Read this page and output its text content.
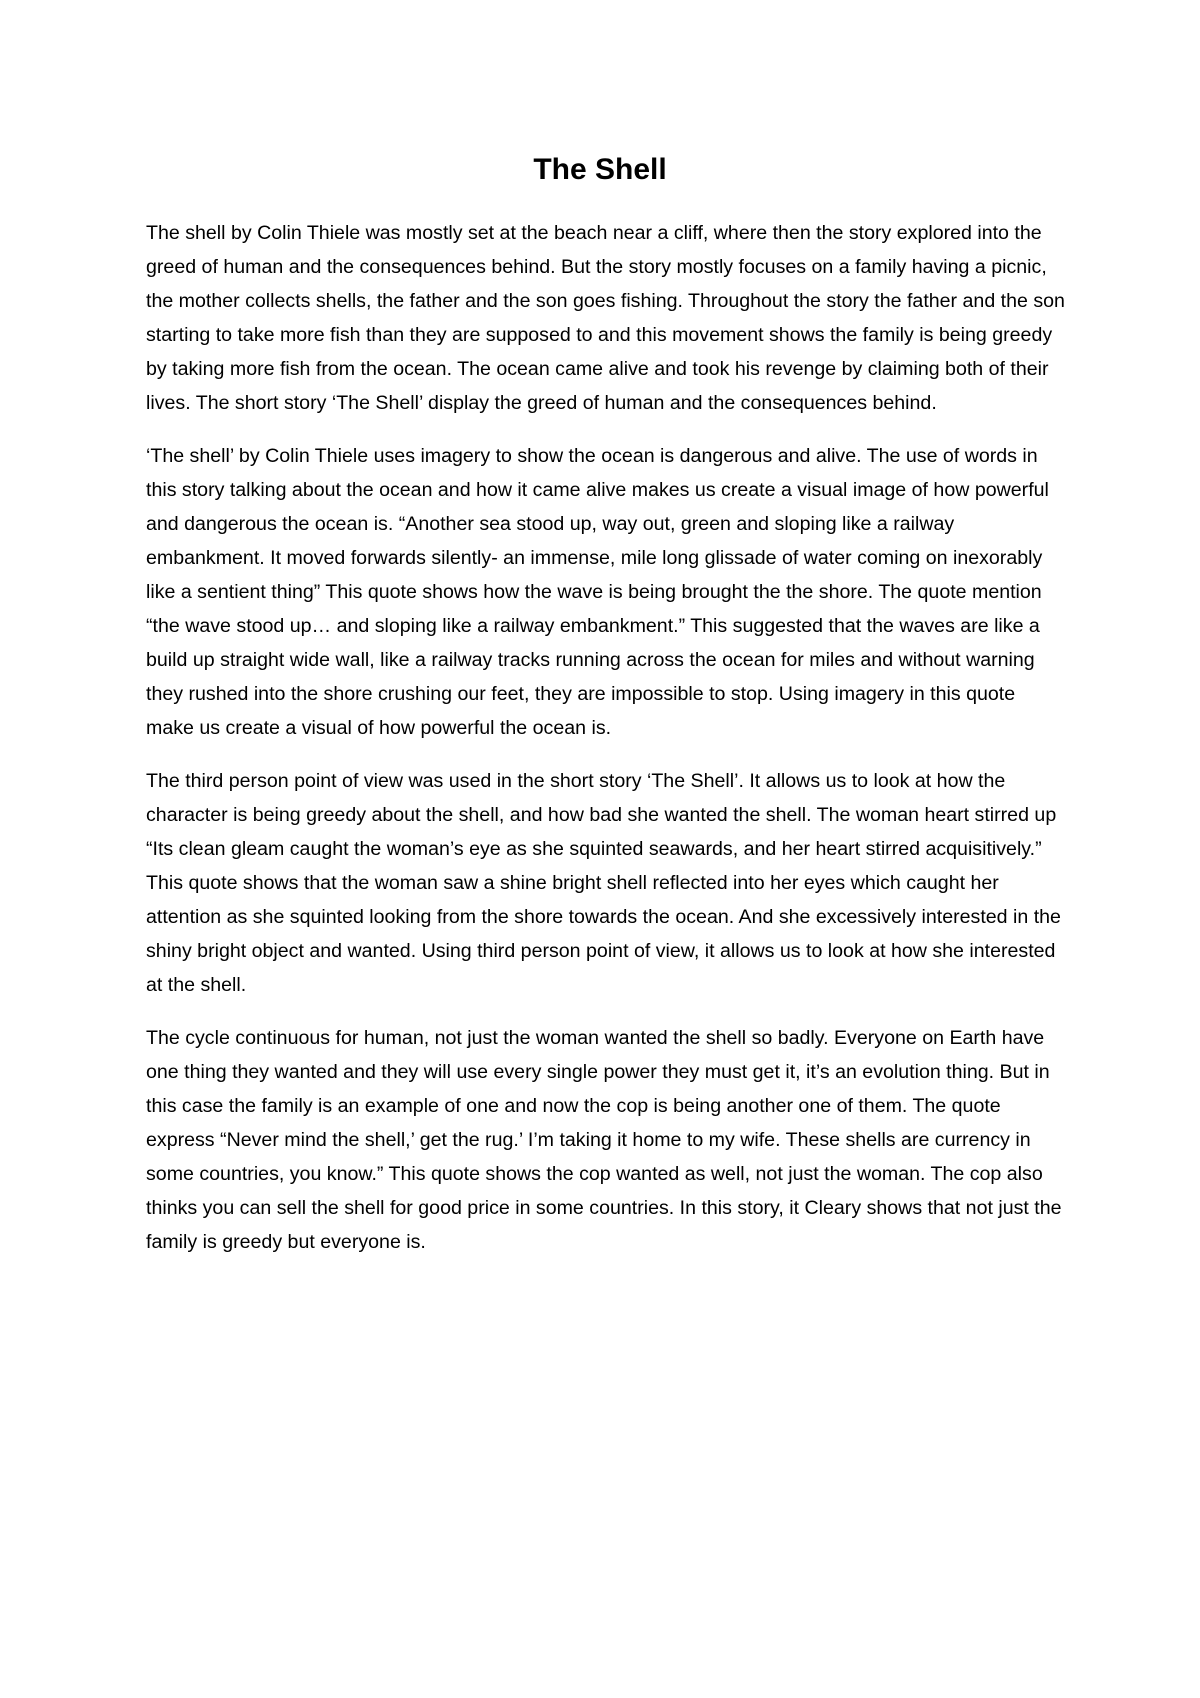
The Shell

The shell by Colin Thiele was mostly set at the beach near a cliff, where then the story explored into the greed of human and the consequences behind. But the story mostly focuses on a family having a picnic, the mother collects shells, the father and the son goes fishing. Throughout the story the father and the son starting to take more fish than they are supposed to and this movement shows the family is being greedy by taking more fish from the ocean. The ocean came alive and took his revenge by claiming both of their lives. The short story ‘The Shell’ display the greed of human and the consequences behind.

‘The shell’ by Colin Thiele uses imagery to show the ocean is dangerous and alive. The use of words in this story talking about the ocean and how it came alive makes us create a visual image of how powerful and dangerous the ocean is. “Another sea stood up, way out, green and sloping like a railway embankment. It moved forwards silently- an immense, mile long glissade of water coming on inexorably like a sentient thing” This quote shows how the wave is being brought the the shore. The quote mention “the wave stood up… and sloping like a railway embankment.” This suggested that the waves are like a build up straight wide wall, like a railway tracks running across the ocean for miles and without warning they rushed into the shore crushing our feet, they are impossible to stop. Using imagery in this quote make us create a visual of how powerful the ocean is.

The third person point of view was used in the short story ‘The Shell’. It allows us to look at how the character is being greedy about the shell, and how bad she wanted the shell. The woman heart stirred up “Its clean gleam caught the woman’s eye as she squinted seawards, and her heart stirred acquisitively.” This quote shows that the woman saw a shine bright shell reflected into her eyes which caught her attention as she squinted looking from the shore towards the ocean. And she excessively interested in the shiny bright object and wanted. Using third person point of view, it allows us to look at how she interested at the shell.

The cycle continuous for human, not just the woman wanted the shell so badly. Everyone on Earth have one thing they wanted and they will use every single power they must get it, it’s an evolution thing. But in this case the family is an example of one and now the cop is being another one of them. The quote express “Never mind the shell,’ get the rug.’ I’m taking it home to my wife. These shells are currency in some countries, you know.” This quote shows the cop wanted as well, not just the woman. The cop also thinks you can sell the shell for good price in some countries. In this story, it Cleary shows that not just the family is greedy but everyone is.
